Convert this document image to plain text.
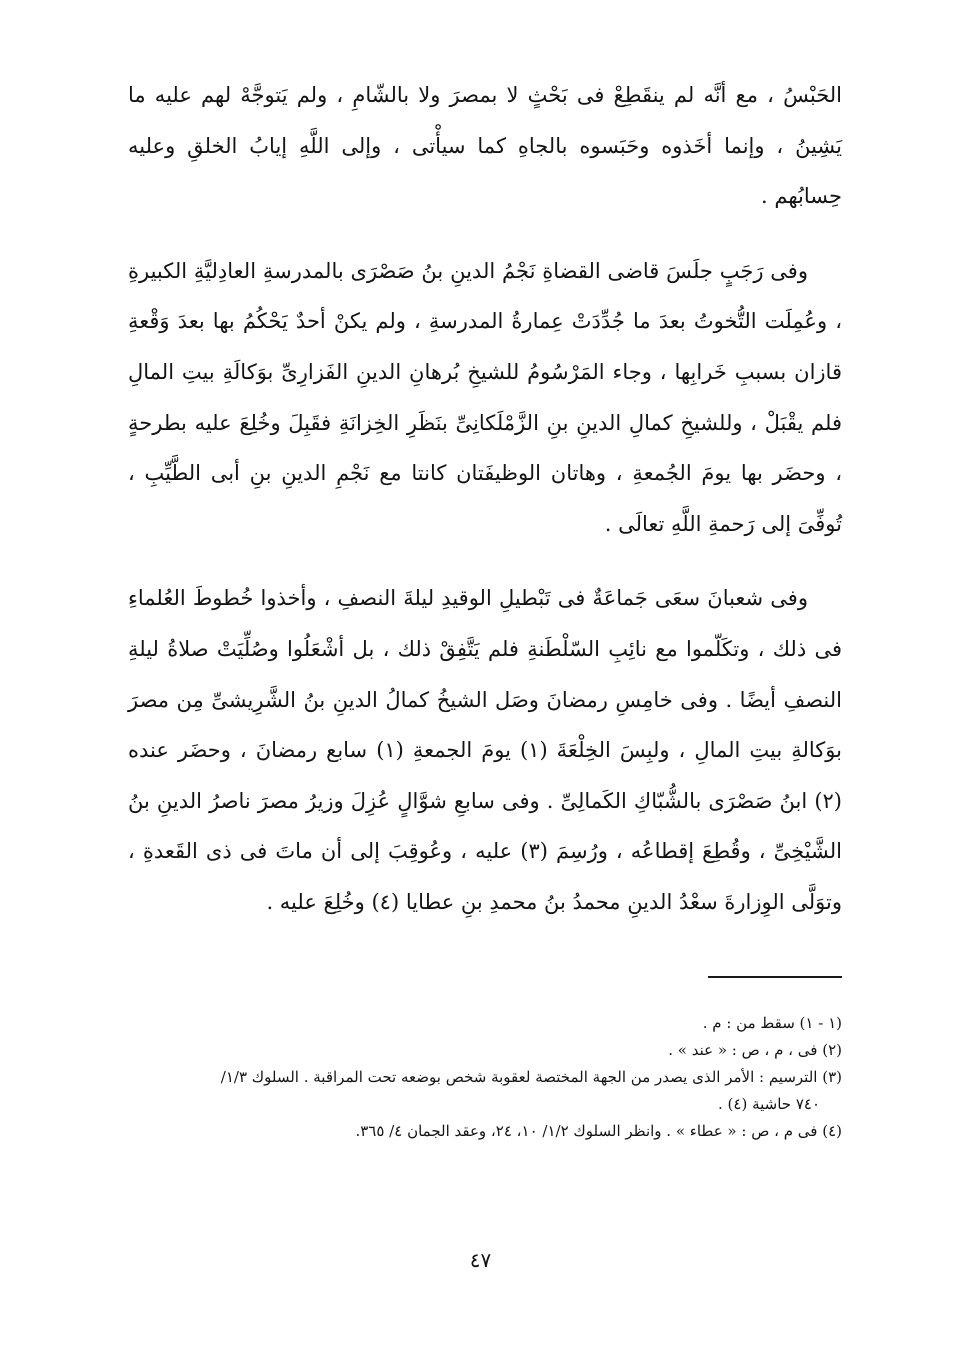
الحَبْسُ ، مع أنَّه لم ينقَطِعْ فى بَحْثٍ لا بمصرَ ولا بالشّامِ ، ولم يَتوجَّهْ لهم عليه ما يَشِينُ ، وإنما أخَذوه وحَبَسوه بالجاهِ كما سيأْتى ، وإلى اللَّهِ إيابُ الخلقِ وعليه حِسابُهم .

وفى رَجَبٍ جلَسَ قاضى القضاةِ نَجْمُ الدينِ بنُ صَصْرَى بالمدرسةِ العادِليَّةِ الكبيرةِ ، وعُمِلَت التُّخوتُ بعدَ ما جُدِّدَتْ عِمارةُ المدرسةِ ، ولم يكنْ أحدٌ يَحْكُمُ بها بعدَ وَقْعةِ قازان بسببِ خَرابِها ، وجاء المَرْسُومُ للشيخِ بُرهانِ الدينِ الفَزارِىِّ بوَكالَةِ بيتِ المالِ فلم يقْبَلْ ، وللشيخِ كمالِ الدينِ بنِ الزَّمْلَكانِىِّ بنَظَرِ الخِزانَةِ فقَبِلَ وخُلِعَ عليه بطرحةٍ ، وحضَر بها يومَ الجُمعةِ ، وهاتان الوظيفَتان كانتا مع نَجْمِ الدينِ بنِ أبى الطَّيِّبِ ، تُوفِّىَ إلى رَحمةِ اللَّهِ تعالَى .

وفى شعبانَ سعَى جَماعَةٌ فى تَبْطيلِ الوقيدِ ليلةَ النصفِ ، وأخذوا خُطوطَ العُلماءِ فى ذلك ، وتكَلّموا مع نائِبِ السّلْطَنةِ فلم يَتَّفِقْ ذلك ، بل أشْعَلُوا وصُلِّيَتْ صلاةُ ليلةِ النصفِ أيضًا . وفى خامِسِ رمضانَ وصَل الشيخُ كمالُ الدينِ بنُ الشَّرِيشىِّ مِن مصرَ بوَكالةِ بيتِ المالِ ، ولبِسَ الخِلْعَةَ (١) يومَ الجمعةِ (١) سابع رمضانَ ، وحضَر عنده (٢) ابنُ صَصْرَى بالشُّبّاكِ الكَمالِىِّ . وفى سابعِ شوَّالٍ عُزِلَ وزيرُ مصرَ ناصرُ الدينِ بنُ الشَّيْخِىِّ ، وقُطِعَ إقطاعُه ، ورُسِمَ (٣) عليه ، وعُوقِبَ إلى أن ماتَ فى ذى القَعدةِ ، وتوَلَّى الوِزارةَ سعْدُ الدينِ محمدُ بنُ محمدِ بنِ عطايا (٤) وخُلِعَ عليه .

(١ - ١) سقط من : م .

(٢) فى ، م ، ص : « عند » .

(٣) الترسيم : الأمر الذى يصدر من الجهة المختصة لعقوبة شخص بوضعه تحت المراقبة . السلوك ١/٣/

٧٤٠ حاشية (٤) .

(٤) فى م ، ص : « عطاء » . وانظر السلوك ١/٢/ ١٠، ٢٤، وعقد الجمان ٤/ ٣٦٥.

٤٧
